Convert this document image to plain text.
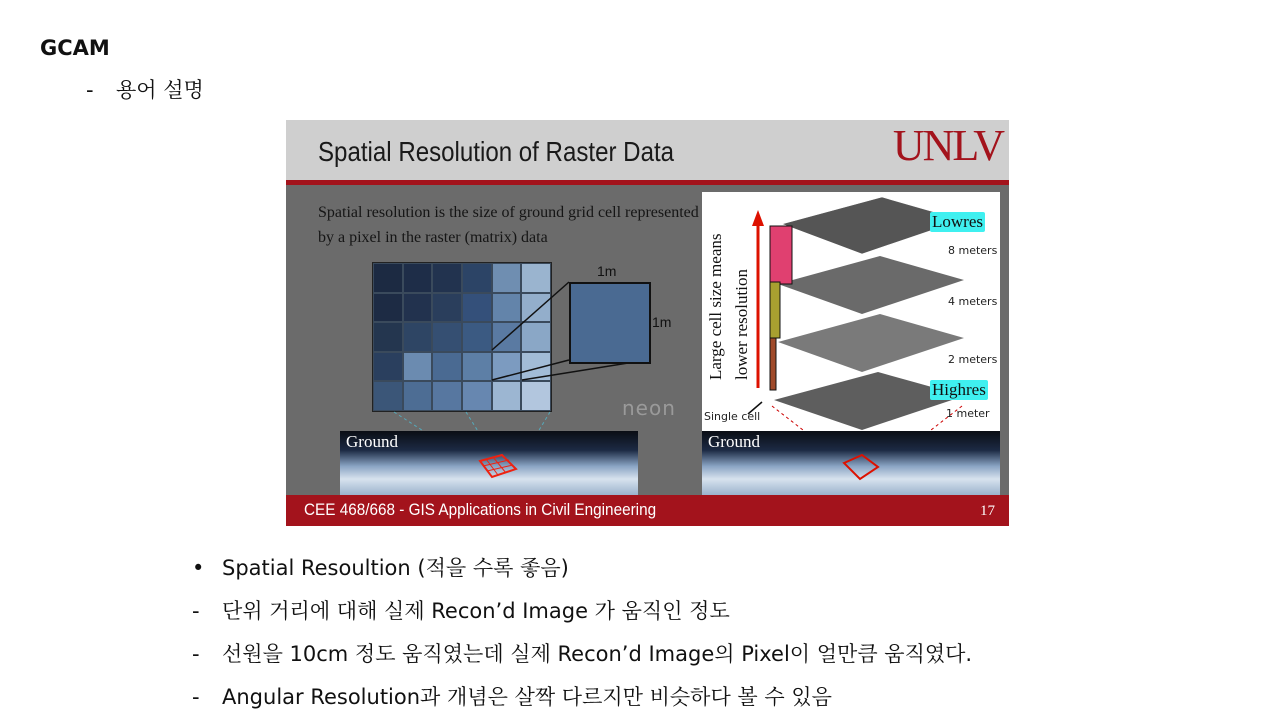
GCAM
- 용어 설명
Spatial Resolution of Raster Data	UNLV
Spatial resolution is the size of ground grid cell represented by a pixel in the raster (matrix) data
1m
1m
neon
Ground
Large cell size means lower resolution
Lowres
8 meters
4 meters
2 meters
Highres
1 meter
Single cell
Ground
CEE 468/668 - GIS Applications in Civil Engineering	17
• Spatial Resoultion (적을 수록 좋음)
- 단위 거리에 대해 실제 Recon’d Image 가 움직인 정도
- 선원을 10cm 정도 움직였는데 실제 Recon’d Image의 Pixel이 얼만큼 움직였다.
- Angular Resolution과 개념은 살짝 다르지만 비슷하다 볼 수 있음
